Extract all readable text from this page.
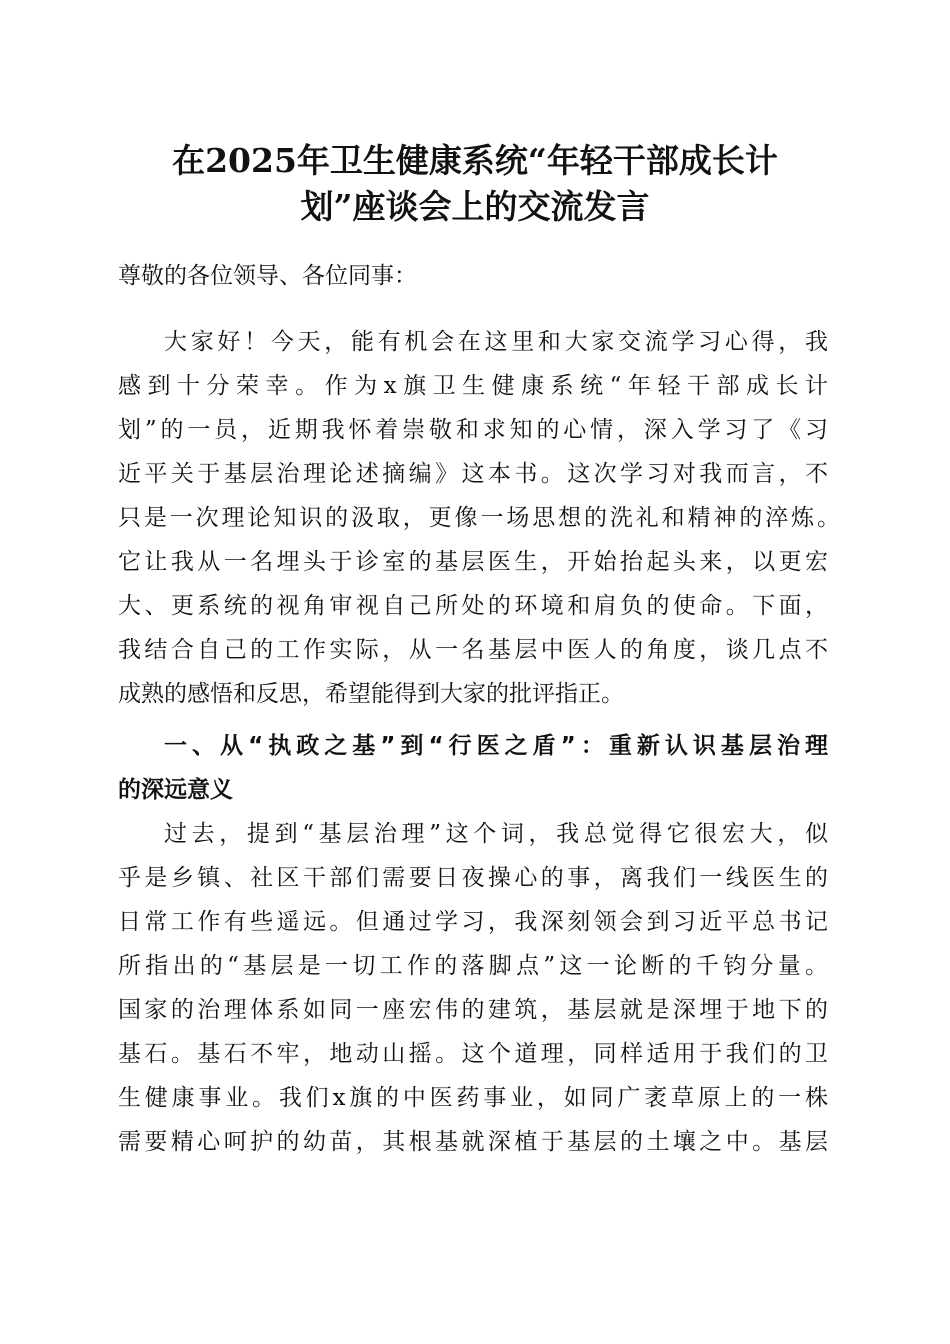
在2025年卫生健康系统“年轻干部成长计
划”座谈会上的交流发言
尊敬的各位领导、各位同事：
大家好！今天，能有机会在这里和大家交流学习心得，我
感到十分荣幸。作为x旗卫生健康系统“年轻干部成长计
划”的一员，近期我怀着崇敬和求知的心情，深入学习了《习
近平关于基层治理论述摘编》这本书。这次学习对我而言，不
只是一次理论知识的汲取，更像一场思想的洗礼和精神的淬炼。
它让我从一名埋头于诊室的基层医生，开始抬起头来，以更宏
大、更系统的视角审视自己所处的环境和肩负的使命。下面，
我结合自己的工作实际，从一名基层中医人的角度，谈几点不
成熟的感悟和反思，希望能得到大家的批评指正。
一、从“执政之基”到“行医之盾”：重新认识基层治理
的深远意义
过去，提到“基层治理”这个词，我总觉得它很宏大，似
乎是乡镇、社区干部们需要日夜操心的事，离我们一线医生的
日常工作有些遥远。但通过学习，我深刻领会到习近平总书记
所指出的“基层是一切工作的落脚点”这一论断的千钧分量。
国家的治理体系如同一座宏伟的建筑，基层就是深埋于地下的
基石。基石不牢，地动山摇。这个道理，同样适用于我们的卫
生健康事业。我们x旗的中医药事业，如同广袤草原上的一株
需要精心呵护的幼苗，其根基就深植于基层的土壤之中。基层
